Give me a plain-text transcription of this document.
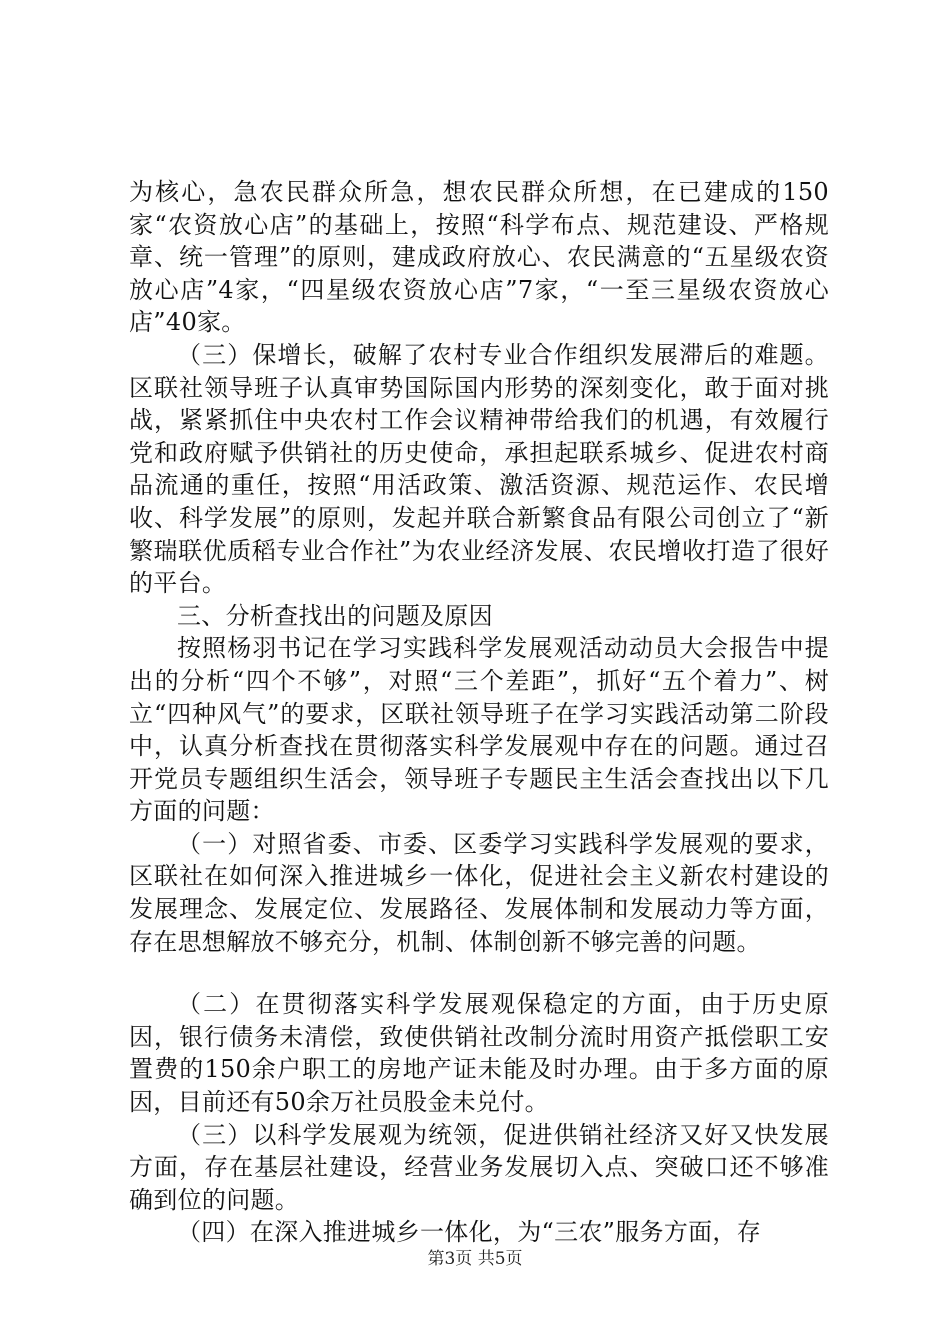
为核心，急农民群众所急，想农民群众所想，在已建成的150家“农资放心店”的基础上，按照“科学布点、规范建设、严格规章、统一管理”的原则，建成政府放心、农民满意的“五星级农资放心店”4家，“四星级农资放心店”7家，“一至三星级农资放心店”40家。

（三）保增长，破解了农村专业合作组织发展滞后的难题。区联社领导班子认真审势国际国内形势的深刻变化，敢于面对挑战，紧紧抓住中央农村工作会议精神带给我们的机遇，有效履行党和政府赋予供销社的历史使命，承担起联系城乡、促进农村商品流通的重任，按照“用活政策、激活资源、规范运作、农民增收、科学发展”的原则，发起并联合新繁食品有限公司创立了“新繁瑞联优质稻专业合作社”为农业经济发展、农民增收打造了很好的平台。

三、分析查找出的问题及原因

按照杨羽书记在学习实践科学发展观活动动员大会报告中提出的分析“四个不够”，对照“三个差距”，抓好“五个着力”、树立“四种风气”的要求，区联社领导班子在学习实践活动第二阶段中，认真分析查找在贯彻落实科学发展观中存在的问题。通过召开党员专题组织生活会，领导班子专题民主生活会查找出以下几方面的问题：

（一）对照省委、市委、区委学习实践科学发展观的要求，区联社在如何深入推进城乡一体化，促进社会主义新农村建设的发展理念、发展定位、发展路径、发展体制和发展动力等方面，存在思想解放不够充分，机制、体制创新不够完善的问题。

（二）在贯彻落实科学发展观保稳定的方面，由于历史原因，银行债务未清偿，致使供销社改制分流时用资产抵偿职工安置费的150余户职工的房地产证未能及时办理。由于多方面的原因，目前还有50余万社员股金未兑付。

（三）以科学发展观为统领，促进供销社经济又好又快发展方面，存在基层社建设，经营业务发展切入点、突破口还不够准确到位的问题。

（四）在深入推进城乡一体化，为“三农”服务方面，存

第3页 共5页
